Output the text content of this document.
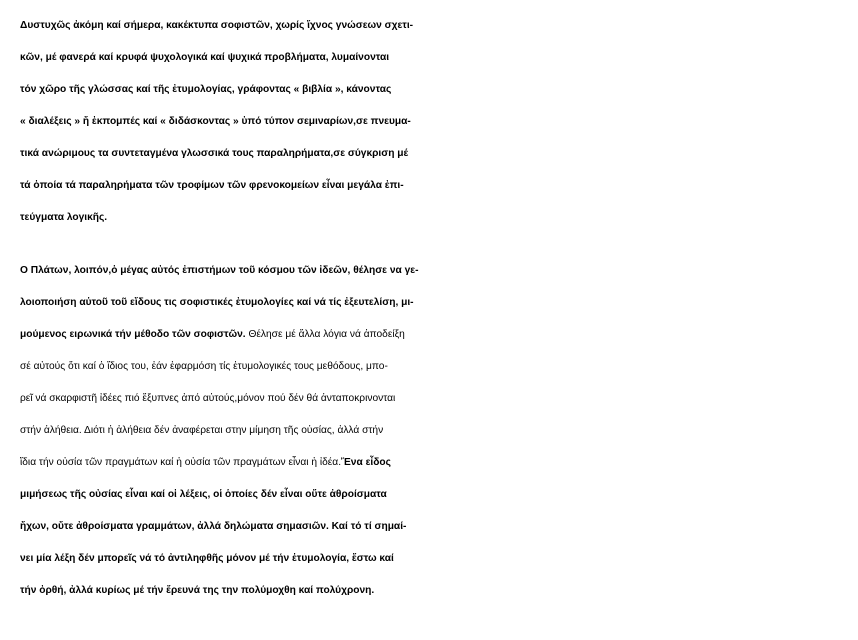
Δυστυχῶς ἀκόμη καί σήμερα, κακέκτυπα σοφιστῶν, χωρίς ἴχνος γνώσεων σχετι-
κῶν, μέ φανερά καί κρυφά ψυχολογικά καί ψυχικά προβλήματα, λυμαίνονται
τόν χῶρο τῆς γλώσσας καί τῆς ἐτυμολογίας, γράφοντας « βιβλία », κάνοντας
« διαλέξεις » ἤ ἐκπομπές καί « διδάσκοντας » ὑπό τύπον σεμιναρίων,σε πνευμα-
τικά ανώριμους τα συντεταγμένα γλωσσικά τους παραληρήματα,σε σύγκριση μέ
τά ὁποία τά παραληρήματα τῶν τροφίμων τῶν φρενοκομείων εἶναι μεγάλα ἐπι-
τεύγματα λογικῆς.
Ο Πλάτων, λοιπόν,ὁ μέγας αὐτός ἐπιστήμων τοῦ κόσμου τῶν ἰδεῶν, θέλησε να γε-
λοιοποιήση αὐτοῦ τοῦ εἴδους τις σοφιστικές ἐτυμολογίες καί νά τίς ἐξευτελίση, μι-
μούμενος ειρωνικά τήν μέθοδο τῶν σοφιστῶν. Θέλησε μέ ἄλλα λόγια νά ἀποδείξη
σέ αὐτούς ὅτι καί ὁ ἴδιος του, ἐάν ἐφαρμόση τίς ἐτυμολογικές τους μεθόδους, μπο-
ρεῖ νά σκαρφιστῆ ἰδέες πιό ἔξυπνες ἀπό αὐτούς,μόνον πού δέν θά ἀνταποκρινονται
στήν ἀλήθεια. Διότι ἡ ἀλήθεια δέν ἀναφέρεται στην μίμηση τῆς οὐσίας, ἀλλά στήν
ἴδια τήν οὐσία τῶν πραγμάτων καί ἡ οὐσία τῶν πραγμάτων εἶναι ἡ ἰδέα.Ἕνα εἶδος
μιμήσεως τῆς οὐσίας εἶναι καί οἱ λέξεις, οἱ ὁποίες δέν εἶναι οὔτε ἀθροίσματα
ἤχων, οὔτε ἀθροίσματα γραμμάτων, ἀλλά δηλώματα σημασιῶν. Καί τό τί σημαί-
νει μία λέξη δέν μπορεῖς νά τό ἀντιληφθῆς μόνον μέ τήν ἐτυμολογία, ἔστω καί
τήν ὀρθή, ἀλλά κυρίως μέ τήν ἔρευνά της την πολύμοχθη καί πολύχρονη.
